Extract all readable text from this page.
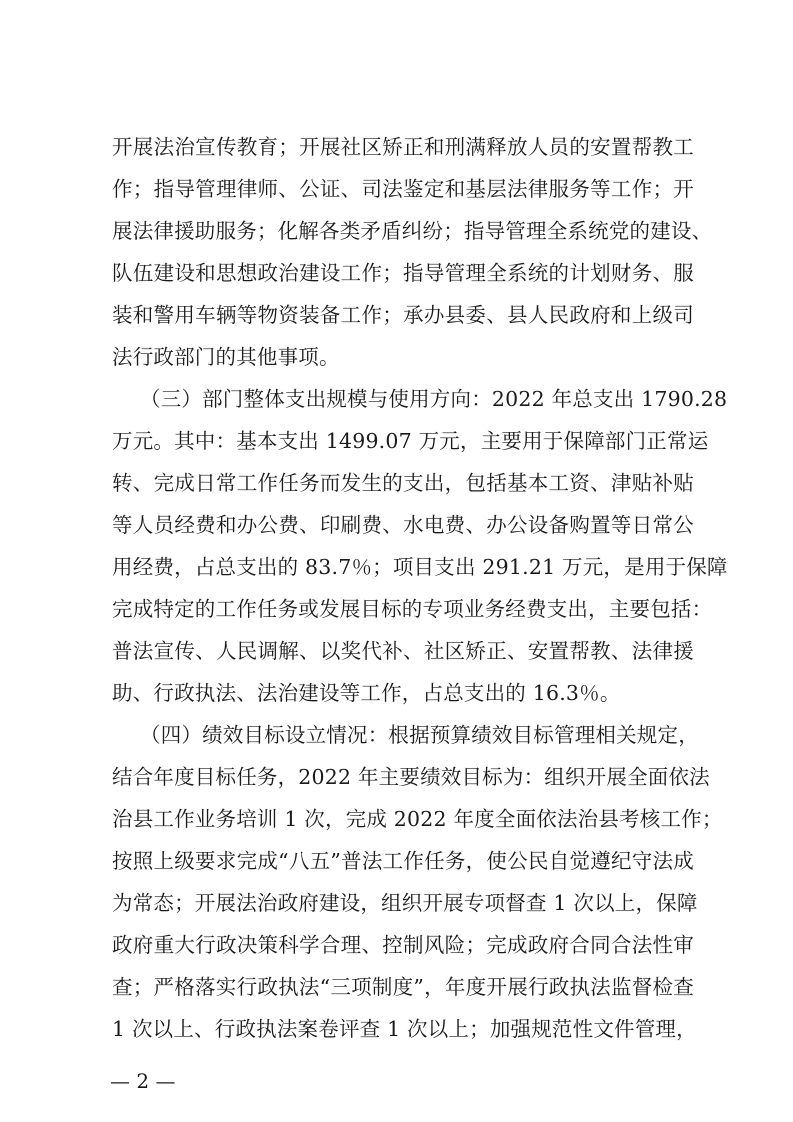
开展法治宣传教育；开展社区矫正和刑满释放人员的安置帮教工
作；指导管理律师、公证、司法鉴定和基层法律服务等工作；开
展法律援助服务；化解各类矛盾纠纷；指导管理全系统党的建设、
队伍建设和思想政治建设工作；指导管理全系统的计划财务、服
装和警用车辆等物资装备工作；承办县委、县人民政府和上级司
法行政部门的其他事项。
（三）部门整体支出规模与使用方向：2022 年总支出 1790.28
万元。其中：基本支出 1499.07 万元，主要用于保障部门正常运
转、完成日常工作任务而发生的支出，包括基本工资、津贴补贴
等人员经费和办公费、印刷费、水电费、办公设备购置等日常公
用经费，占总支出的 83.7％；项目支出 291.21 万元，是用于保障
完成特定的工作任务或发展目标的专项业务经费支出，主要包括：
普法宣传、人民调解、以奖代补、社区矫正、安置帮教、法律援
助、行政执法、法治建设等工作，占总支出的 16.3％。
（四）绩效目标设立情况：根据预算绩效目标管理相关规定，
结合年度目标任务，2022 年主要绩效目标为：组织开展全面依法
治县工作业务培训 1 次，完成 2022 年度全面依法治县考核工作；
按照上级要求完成“八五”普法工作任务，使公民自觉遵纪守法成
为常态；开展法治政府建设，组织开展专项督查 1 次以上，保障
政府重大行政决策科学合理、控制风险；完成政府合同合法性审
查；严格落实行政执法“三项制度”，年度开展行政执法监督检查
1 次以上、行政执法案卷评查 1 次以上；加强规范性文件管理，
— 2 —
